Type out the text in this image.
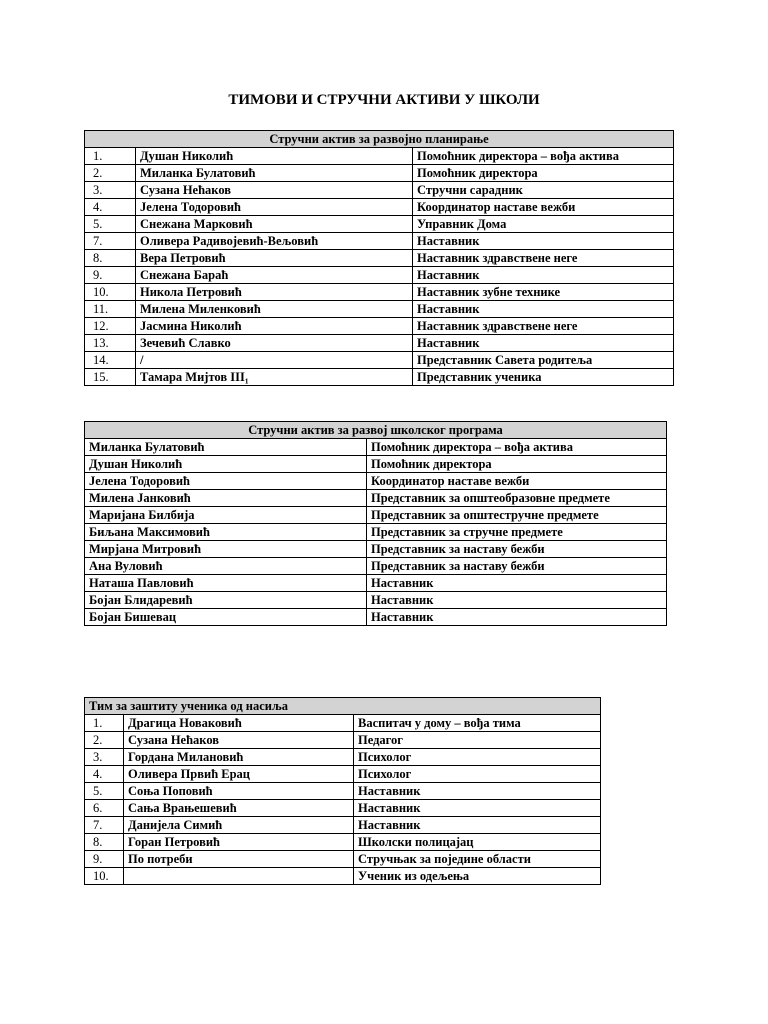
ТИМОВИ И СТРУЧНИ АКТИВИ У ШКОЛИ
Стручни актив за развојно планирање		
1.	Душан Николић	Помоћник директора – вођа актива
2.	Миланка Булатовић	Помоћник директора
3.	Сузана Нећаков	Стручни сарадник
4.	Јелена Тодоровић	Координатор наставе вежби
5.	Снежана Марковић	Управник Дома
7.	Оливера Радивојевић-Вељовић	Наставник
8.	Вера Петровић	Наставник здравствене неге
9.	Снежана Бараћ	Наставник
10.	Никола Петровић	Наставник зубне технике
11.	Милена Миленковић	Наставник
12.	Јасмина Николић	Наставник здравствене неге
13.	Зечевић Славко	Наставник
14.	/	Представник Савета родитеља
15.	Тамара Мијтов III₁	Представник ученика
Стручни актив за развој школског програма	
Миланка Булатовић	Помоћник директора – вођа актива
Душан Николић	Помоћник директора
Јелена Тодоровић	Координатор наставе вежби
Милена Јанковић	Представник за општеобразовне предмете
Маријана Билбија	Представник за општестручне предмете
Биљана Максимовић	Представник за стручне предмете
Мирјана Митровић	Представник за наставу бежби
Ана Вуловић	Представник за наставу бежби
Наташа Павловић	Наставник
Бојан Блидаревић	Наставник
Бојан Бишевац	Наставник
Тим за заштиту ученика од насиља		
1.	Драгица Новаковић	Васпитач у дому – вођа тима
2.	Сузана Нећаков	Педагог
3.	Гордана Милановић	Психолог
4.	Оливера Првић Ерац	Психолог
5.	Соња Поповић	Наставник
6.	Сања Врањешевић	Наставник
7.	Данијела Симић	Наставник
8.	Горан Петровић	Школски полицајац
9.	По потреби	Стручњак за поједине области
10.		Ученик из одељења
